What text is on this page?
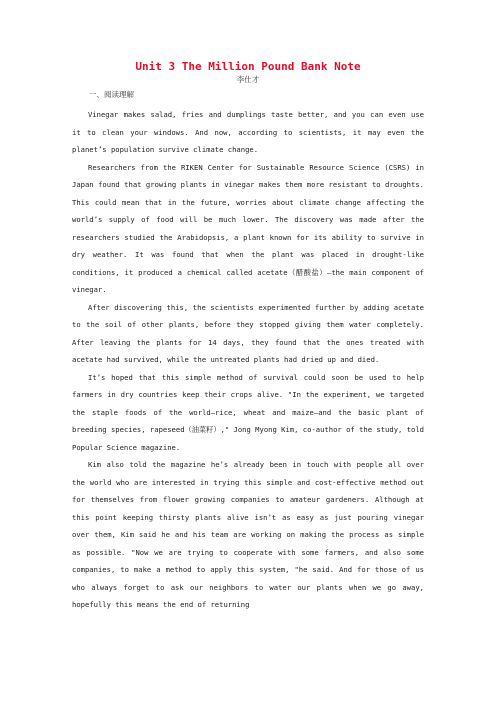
Unit 3 The Million Pound Bank Note
李仕才
一、阅读理解

Vinegar makes salad, fries and dumplings taste better, and you can even use it to clean your windows. And now, according to scientists, it may even the planet’s population survive climate change.

Researchers from the RIKEN Center for Sustainable Resource Science (CSRS) in Japan found that growing plants in vinegar makes them more resistant to droughts. This could mean that in the future, worries about climate change affecting the world’s supply of food will be much lower. The discovery was made after the researchers studied the Arabidopsis, a plant known for its ability to survive in dry weather. It was found that when the plant was placed in drought-like conditions, it produced a chemical called acetate（醋酸盐）—the main component of vinegar.

After discovering this, the scientists experimented further by adding acetate to the soil of other plants, before they stopped giving them water completely. After leaving the plants for 14 days, they found that the ones treated with acetate had survived, while the untreated plants had dried up and died.

It’s hoped that this simple method of survival could soon be used to help farmers in dry countries keep their crops alive. "In the experiment, we targeted the staple foods of the world—rice, wheat and maize—and the basic plant of breeding species, rapeseed（油菜籽）," Jong Myong Kim, co-author of the study, told Popular Science magazine.

Kim also told the magazine he’s already been in touch with people all over the world who are interested in trying this simple and cost-effective method out for themselves from flower growing companies to amateur gardeners. Although at this point keeping thirsty plants alive isn’t as easy as just pouring vinegar over them, Kim said he and his team are working on making the process as simple as possible. "Now we are trying to cooperate with some farmers, and also some companies, to make a method to apply this system, "he said. And for those of us who always forget to ask our neighbors to water our plants when we go away, hopefully this means the end of returning
